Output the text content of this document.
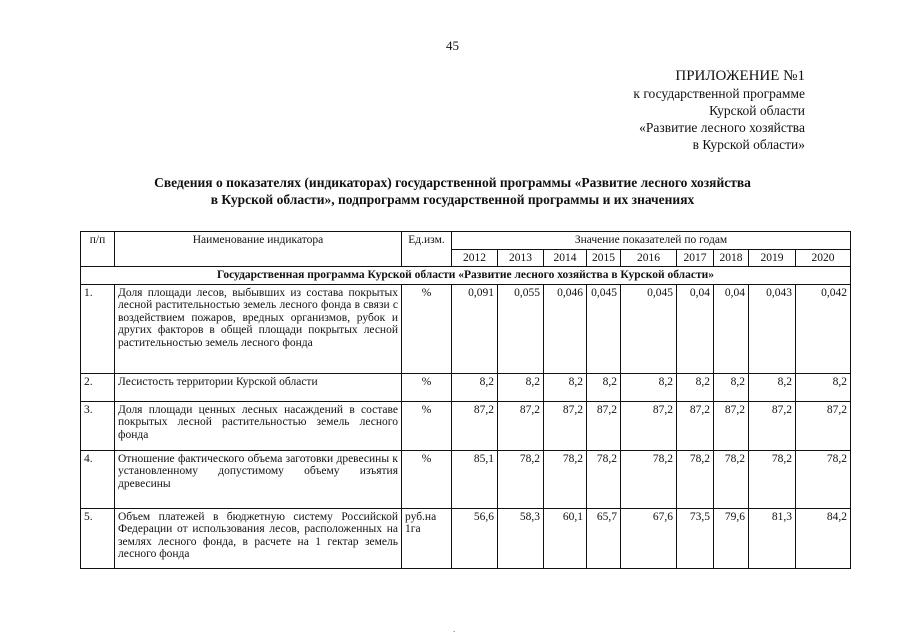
45
ПРИЛОЖЕНИЕ №1
к государственной программе
Курской области
«Развитие лесного хозяйства
в Курской области»
Сведения о показателях (индикаторах) государственной программы «Развитие лесного хозяйства
в Курской области», подпрограмм государственной программы и их значениях
п/п	Наименование индикатора	Ед.изм.	Значение показателей по годам								
			2012	2013	2014	2015	2016	2017	2018	2019	2020
Государственная программа Курской области «Развитие лесного хозяйства в Курской области»											
1.	Доля площади лесов, выбывших из состава покрытых лесной растительностью земель лесного фонда в связи с воздействием пожаров, вредных организмов, рубок и других факторов в общей площади покрытых лесной растительностью земель лесного фонда	%	0,091	0,055	0,046	0,045	0,045	0,04	0,04	0,043	0,042
2.	Лесистость территории Курской области	%	8,2	8,2	8,2	8,2	8,2	8,2	8,2	8,2	8,2
3.	Доля площади ценных лесных насаждений в составе покрытых лесной растительностью земель лесного фонда	%	87,2	87,2	87,2	87,2	87,2	87,2	87,2	87,2	87,2
4.	Отношение фактического объема заготовки древесины к установленному допустимому объему изъятия древесины	%	85,1	78,2	78,2	78,2	78,2	78,2	78,2	78,2	78,2
5.	Объем платежей в бюджетную систему Российской Федерации от использования лесов, расположенных на землях лесного фонда, в расчете на 1 гектар земель лесного фонда	руб.на 1га	56,6	58,3	60,1	65,7	67,6	73,5	79,6	81,3	84,2
.
